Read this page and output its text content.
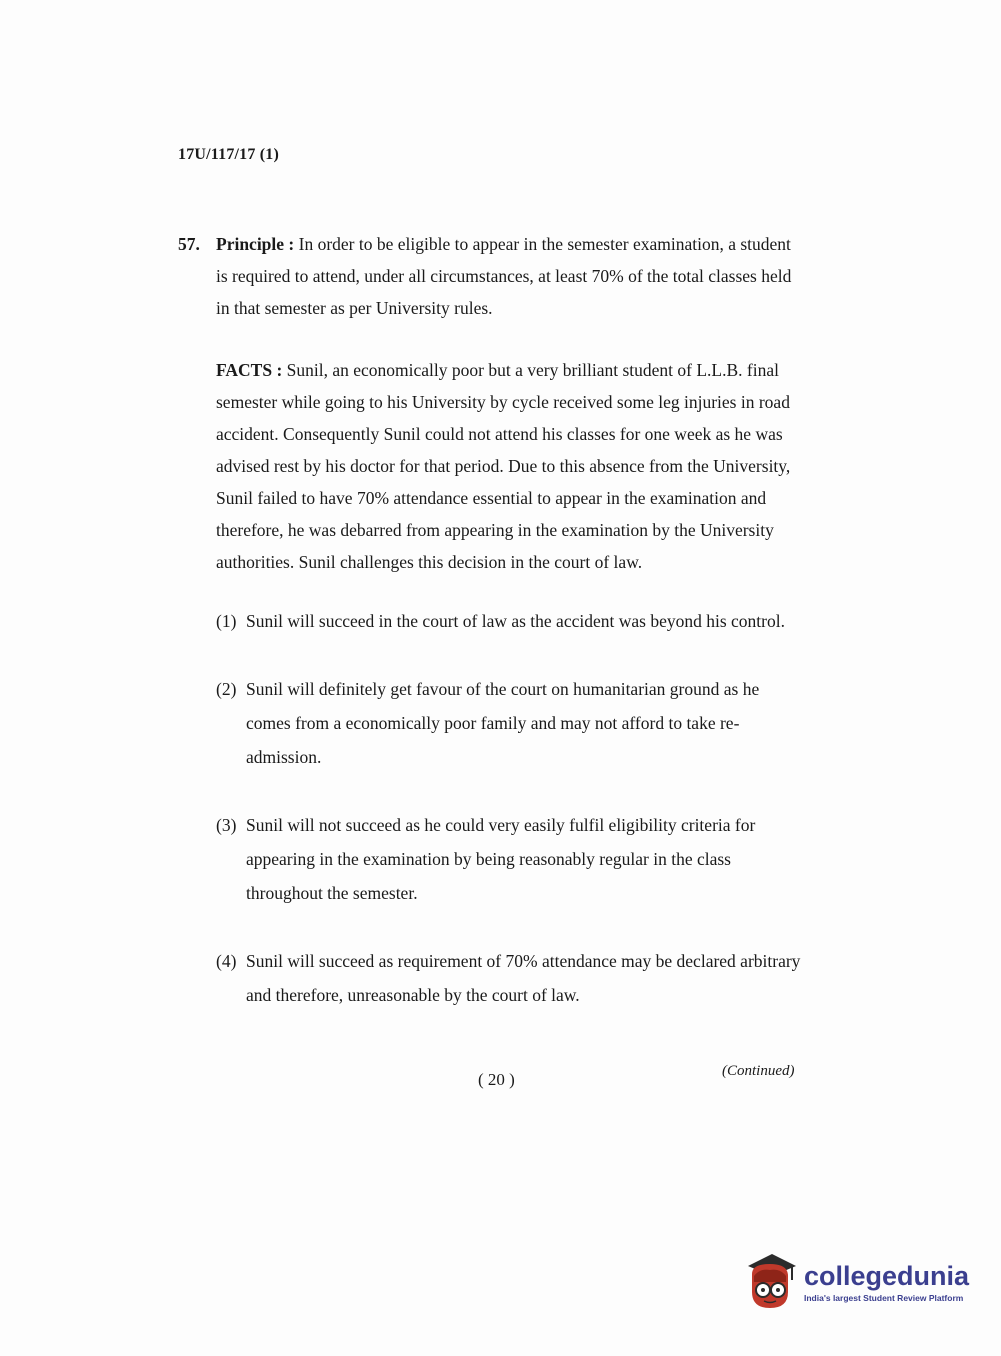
17U/117/17 (1)
57. Principle : In order to be eligible to appear in the semester examination, a student is required to attend, under all circumstances, at least 70% of the total classes held in that semester as per University rules.
FACTS : Sunil, an economically poor but a very brilliant student of L.L.B. final semester while going to his University by cycle received some leg injuries in road accident. Consequently Sunil could not attend his classes for one week as he was advised rest by his doctor for that period. Due to this absence from the University, Sunil failed to have 70% attendance essential to appear in the examination and therefore, he was debarred from appearing in the examination by the University authorities. Sunil challenges this decision in the court of law.
(1) Sunil will succeed in the court of law as the accident was beyond his control.
(2) Sunil will definitely get favour of the court on humanitarian ground as he comes from a economically poor family and may not afford to take re-admission.
(3) Sunil will not succeed as he could very easily fulfil eligibility criteria for appearing in the examination by being reasonably regular in the class throughout the semester.
(4) Sunil will succeed as requirement of 70% attendance may be declared arbitrary and therefore, unreasonable by the court of law.
( 20 )	(Continued)
collegedunia
India's largest Student Review Platform
